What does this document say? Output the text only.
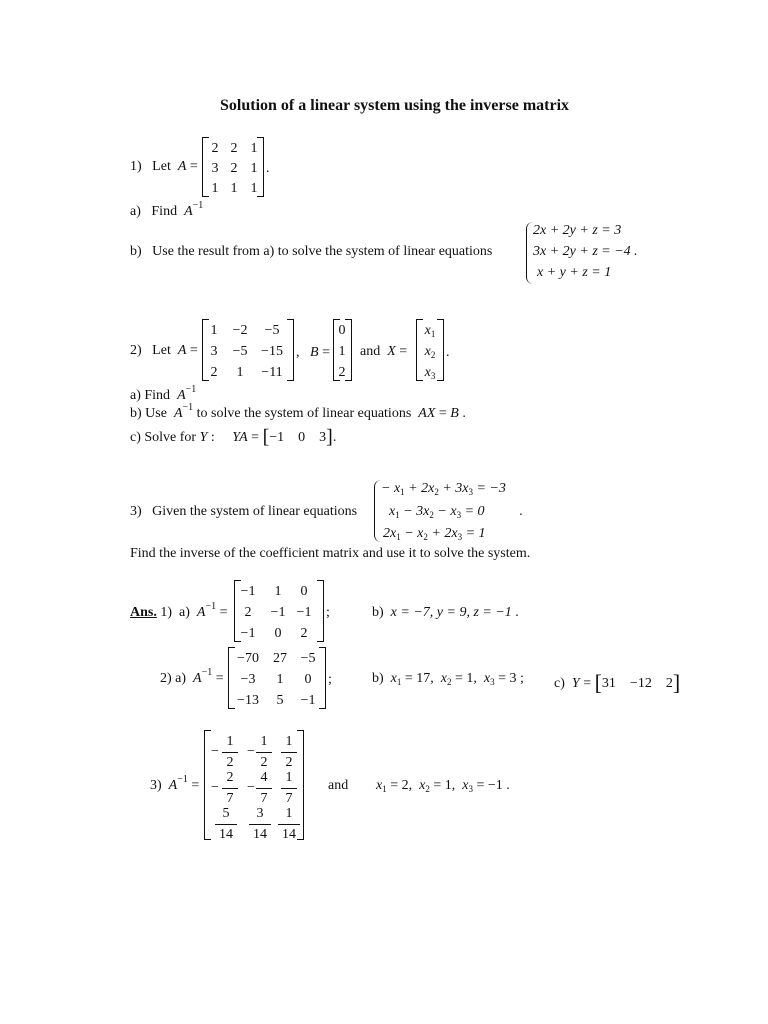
Solution of a linear system using the inverse matrix
1) Let A =
2 2 1
3 2 1
1 1 1
.
a)   Find $A^{-1}$
b)   Use the result from a) to solve the system of linear equations
2x + 2y + z = 3
3x + 2y + z = −4 .
x + y + z = 1
2) Let A =
1	−2	−5
3	−5 −15
2	1	−11
,   B =
0
1
2
and X =
$x_1$
$x_2$
$x_3$
.
a) Find $A^{-1}$
b) Use $A^{-1}$ to solve the system of linear equations AX = B .
c) Solve for Y :     YA = [−1 0 3].
3) Given the system of linear equations
− $x_1 + 2x_2 + 3x_3 = -3$
$x_1 - 3x_2 - x_3 = 0$          .
$2x_1 - x_2 + 2x_3 = 1$
Find the inverse of the coefficient matrix and use it to solve the system.
Ans. 1)  a)  $A^{-1}$ =
−1	1	0
2	−1 −1
−1	0	2
;	b)  x = −7, y = 9, z = −1 .
2) a)  $A^{-1}$ =
−70	27 −5
−3	1	0
−13	5	−1
;	b)  $x_1 = 17$,  $x_2 = 1$,  $x_3 = 3$ ; c)  Y = [31 −12 2]
3)  $A^{-1}$ =
− $\frac{1}{2} - \frac{1}{2} \frac{1}{2}$
− $\frac{2}{7} - \frac{4}{7} \frac{1}{7}$
$\frac{5}{14} \frac{3}{14} \frac{1}{14}$
and $x_1 = 2$,  $x_2 = 1$,  $x_3 = -1$ .
